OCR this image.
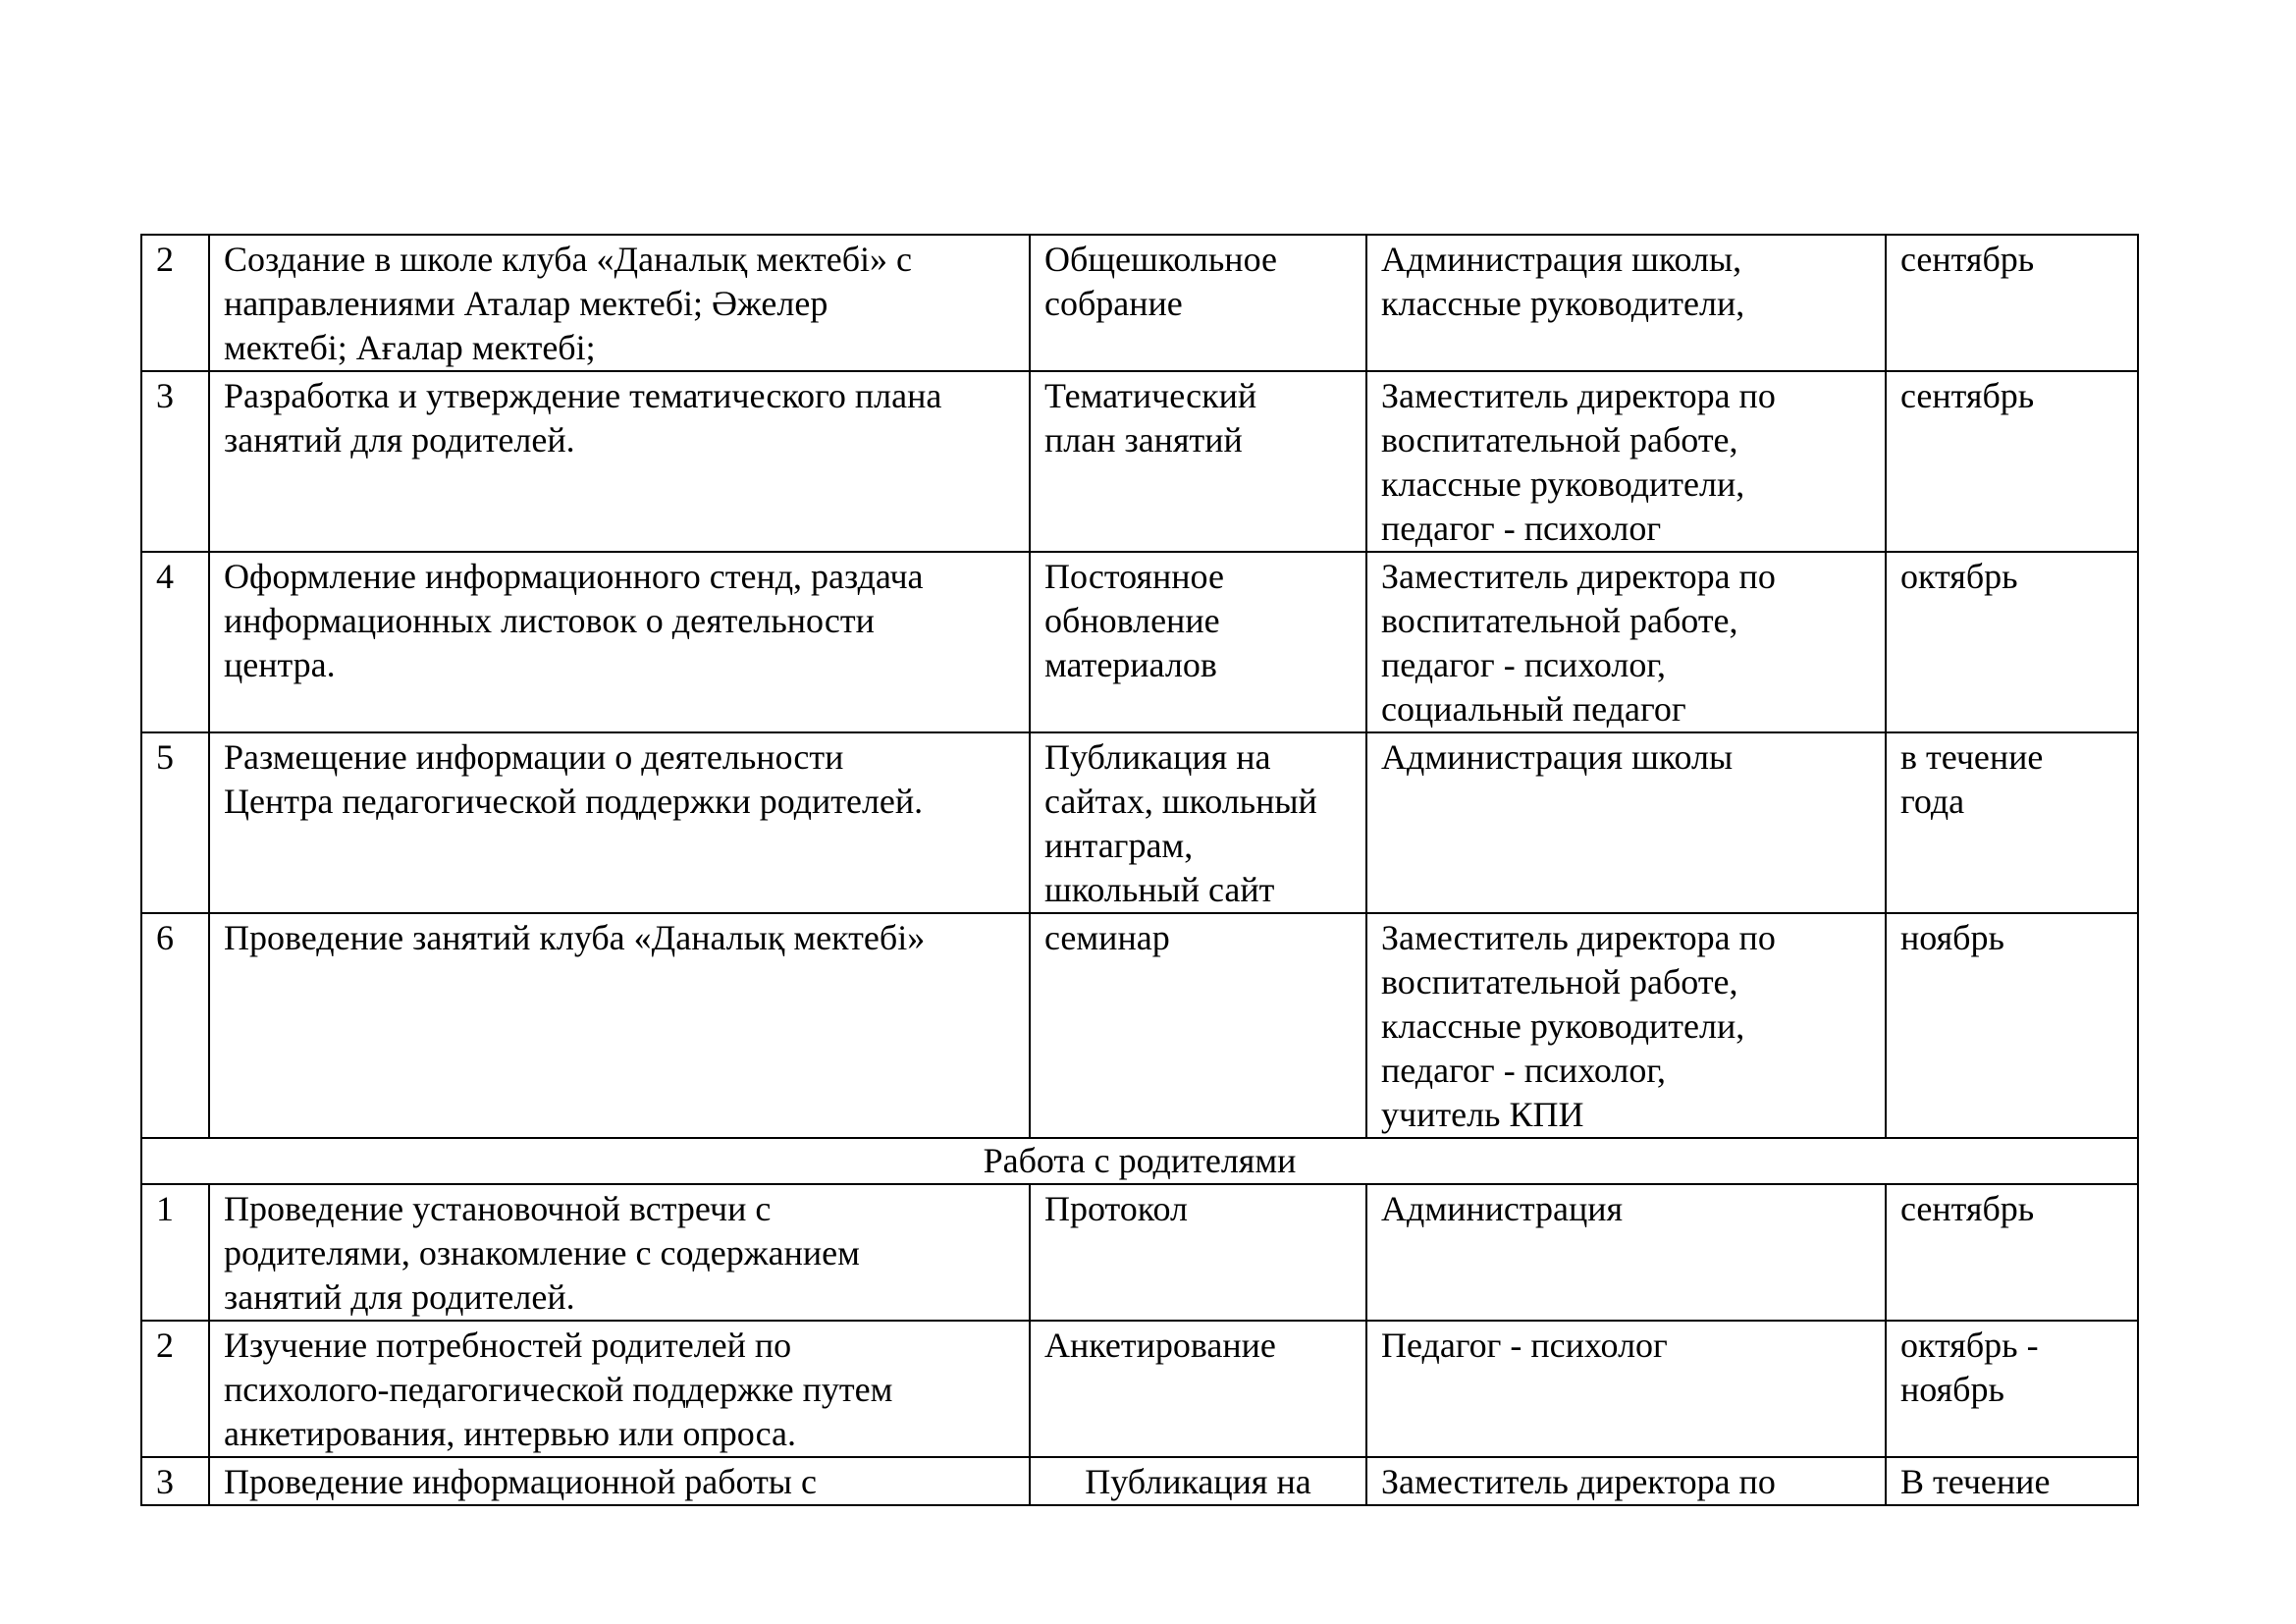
2	Создание в школе клуба «Даналық мектебі» с
направлениями Аталар мектебі; Әжелер
мектебі; Ағалар мектебі;	Общешкольное
собрание	Администрация школы,
классные руководители,	сентябрь

3	Разработка и утверждение тематического плана
занятий для родителей.	Тематический
план занятий	Заместитель директора по
воспитательной работе,
классные руководители,
педагог - психолог	сентябрь

4	Оформление информационного стенд, раздача
информационных листовок о деятельности
центра.	Постоянное
обновление
материалов	Заместитель директора по
воспитательной работе,
педагог - психолог,
социальный педагог	октябрь

5	Размещение информации о деятельности
Центра педагогической поддержки родителей.	Публикация на
сайтах, школьный
интаграм,
школьный сайт	Администрация школы	в течение
года

6	Проведение занятий клуба «Даналық мектебі»	семинар	Заместитель директора по
воспитательной работе,
классные руководители,
педагог - психолог,
учитель КПИ	ноябрь

Работа с родителями				
1	Проведение установочной встречи с
родителями, ознакомление с содержанием
занятий для родителей.	Протокол	Администрация	сентябрь

2	Изучение потребностей родителей по
психолого-педагогической поддержке путем
анкетирования, интервью или опроса.	Анкетирование	Педагог - психолог	октябрь -
ноябрь

3	Проведение информационной работы с	Публикация на	Заместитель директора по	В течение
